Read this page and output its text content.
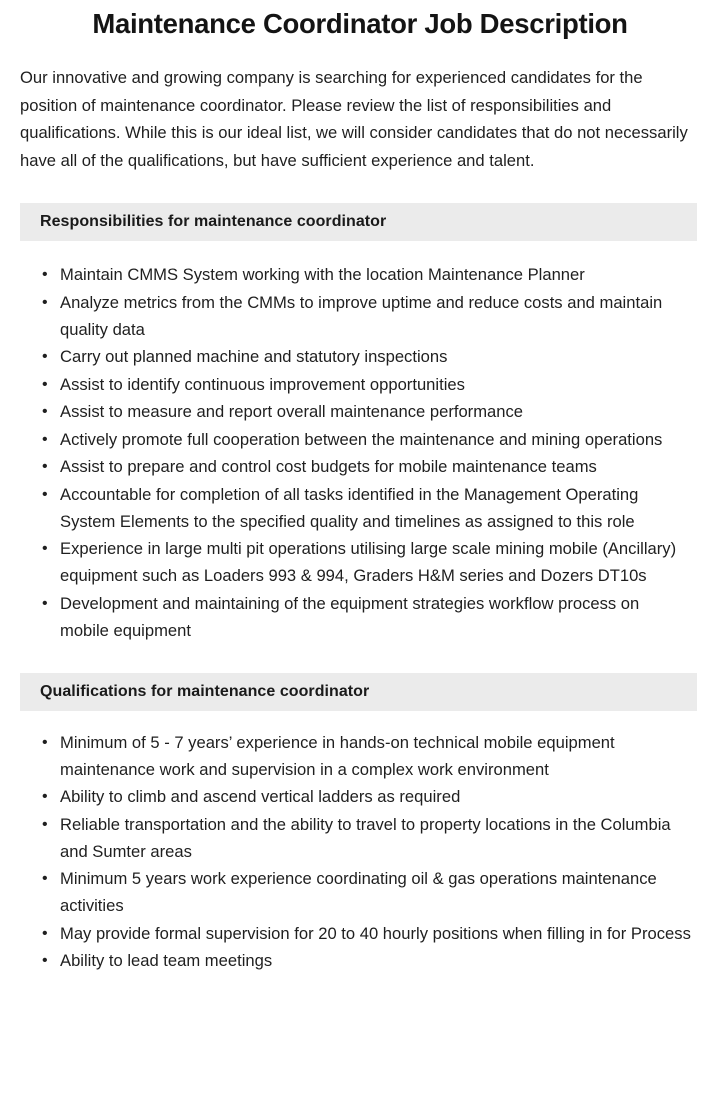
Maintenance Coordinator Job Description

Our innovative and growing company is searching for experienced candidates for the position of maintenance coordinator. Please review the list of responsibilities and qualifications. While this is our ideal list, we will consider candidates that do not necessarily have all of the qualifications, but have sufficient experience and talent.

Responsibilities for maintenance coordinator
• Maintain CMMS System working with the location Maintenance Planner
• Analyze metrics from the CMMs to improve uptime and reduce costs and maintain quality data
• Carry out planned machine and statutory inspections
• Assist to identify continuous improvement opportunities
• Assist to measure and report overall maintenance performance
• Actively promote full cooperation between the maintenance and mining operations
• Assist to prepare and control cost budgets for mobile maintenance teams
• Accountable for completion of all tasks identified in the Management Operating System Elements to the specified quality and timelines as assigned to this role
• Experience in large multi pit operations utilising large scale mining mobile (Ancillary) equipment such as Loaders 993 & 994, Graders H&M series and Dozers DT10s
• Development and maintaining of the equipment strategies workflow process on mobile equipment
Qualifications for maintenance coordinator
• Minimum of 5 - 7 years’ experience in hands-on technical mobile equipment maintenance work and supervision in a complex work environment
• Ability to climb and ascend vertical ladders as required
• Reliable transportation and the ability to travel to property locations in the Columbia and Sumter areas
• Minimum 5 years work experience coordinating oil & gas operations maintenance activities
• May provide formal supervision for 20 to 40 hourly positions when filling in for Process
• Ability to lead team meetings
